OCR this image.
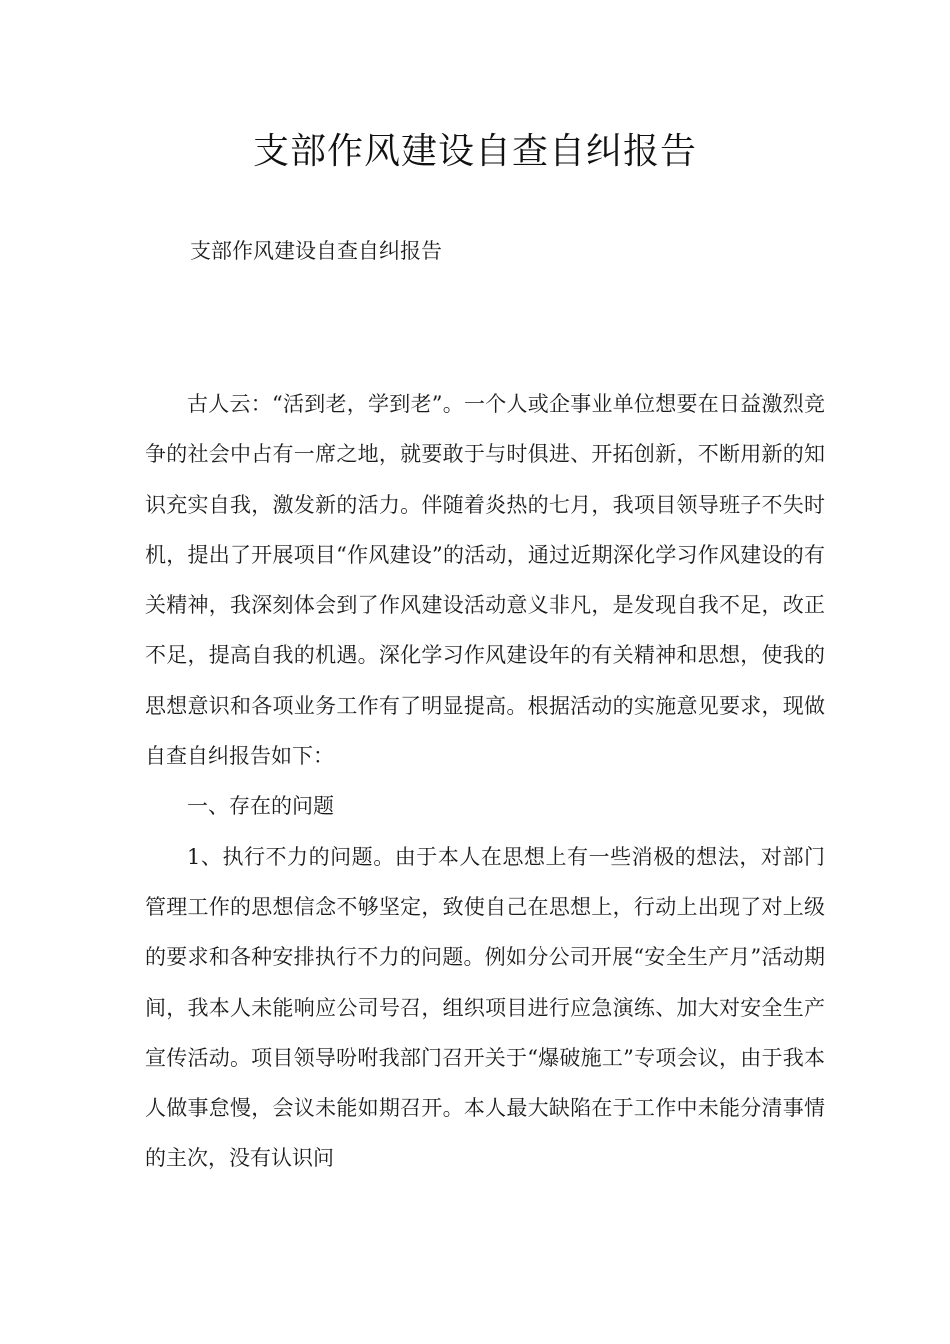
支部作风建设自查自纠报告

支部作风建设自查自纠报告

古人云：“活到老，学到老”。一个人或企事业单位想要在日益激烈竞争的社会中占有一席之地，就要敢于与时俱进、开拓创新，不断用新的知识充实自我，激发新的活力。伴随着炎热的七月，我项目领导班子不失时机，提出了开展项目“作风建设”的活动，通过近期深化学习作风建设的有关精神，我深刻体会到了作风建设活动意义非凡，是发现自我不足，改正不足，提高自我的机遇。深化学习作风建设年的有关精神和思想，使我的思想意识和各项业务工作有了明显提高。根据活动的实施意见要求，现做自查自纠报告如下：

一、存在的问题

1、执行不力的问题。由于本人在思想上有一些消极的想法，对部门管理工作的思想信念不够坚定，致使自己在思想上，行动上出现了对上级的要求和各种安排执行不力的问题。例如分公司开展“安全生产月”活动期间，我本人未能响应公司号召，组织项目进行应急演练、加大对安全生产宣传活动。项目领导吩咐我部门召开关于“爆破施工”专项会议，由于我本人做事怠慢，会议未能如期召开。本人最大缺陷在于工作中未能分清事情的主次，没有认识问
